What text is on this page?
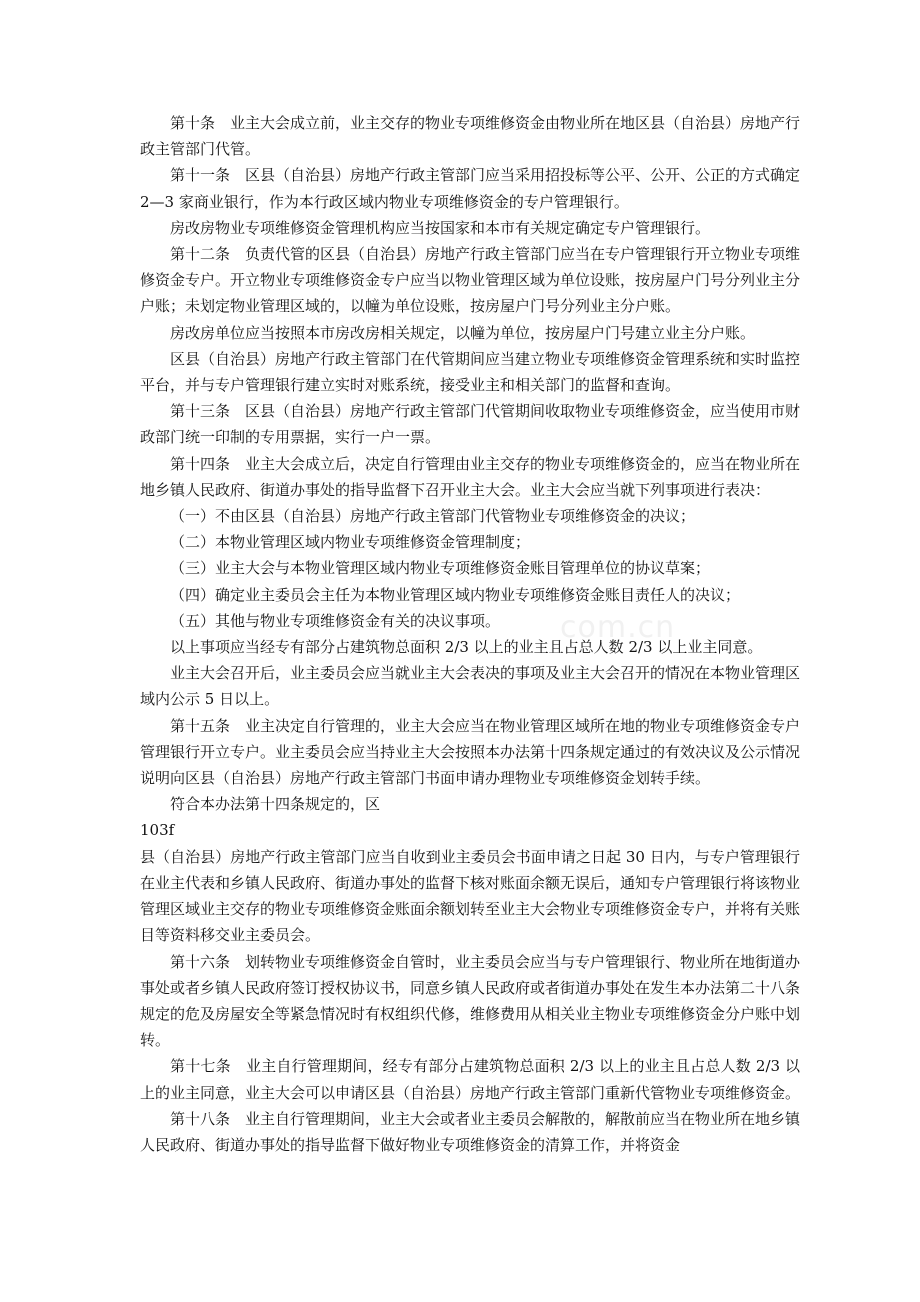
第十条　业主大会成立前，业主交存的物业专项维修资金由物业所在地区县（自治县）房地产行政主管部门代管。

第十一条　区县（自治县）房地产行政主管部门应当采用招投标等公平、公开、公正的方式确定 2—3 家商业银行，作为本行政区域内物业专项维修资金的专户管理银行。

房改房物业专项维修资金管理机构应当按国家和本市有关规定确定专户管理银行。

第十二条　负责代管的区县（自治县）房地产行政主管部门应当在专户管理银行开立物业专项维修资金专户。开立物业专项维修资金专户应当以物业管理区域为单位设账，按房屋户门号分列业主分户账；未划定物业管理区域的，以幢为单位设账，按房屋户门号分列业主分户账。

房改房单位应当按照本市房改房相关规定，以幢为单位，按房屋户门号建立业主分户账。

区县（自治县）房地产行政主管部门在代管期间应当建立物业专项维修资金管理系统和实时监控平台，并与专户管理银行建立实时对账系统，接受业主和相关部门的监督和查询。

第十三条　区县（自治县）房地产行政主管部门代管期间收取物业专项维修资金，应当使用市财政部门统一印制的专用票据，实行一户一票。

第十四条　业主大会成立后，决定自行管理由业主交存的物业专项维修资金的，应当在物业所在地乡镇人民政府、街道办事处的指导监督下召开业主大会。业主大会应当就下列事项进行表决：

（一）不由区县（自治县）房地产行政主管部门代管物业专项维修资金的决议；

（二）本物业管理区域内物业专项维修资金管理制度；

（三）业主大会与本物业管理区域内物业专项维修资金账目管理单位的协议草案；

（四）确定业主委员会主任为本物业管理区域内物业专项维修资金账目责任人的决议；

（五）其他与物业专项维修资金有关的决议事项。

以上事项应当经专有部分占建筑物总面积 2/3 以上的业主且占总人数 2/3 以上业主同意。

业主大会召开后，业主委员会应当就业主大会表决的事项及业主大会召开的情况在本物业管理区域内公示 5 日以上。

第十五条　业主决定自行管理的，业主大会应当在物业管理区域所在地的物业专项维修资金专户管理银行开立专户。业主委员会应当持业主大会按照本办法第十四条规定通过的有效决议及公示情况说明向区县（自治县）房地产行政主管部门书面申请办理物业专项维修资金划转手续。

符合本办法第十四条规定的，区

103f

县（自治县）房地产行政主管部门应当自收到业主委员会书面申请之日起 30 日内，与专户管理银行在业主代表和乡镇人民政府、街道办事处的监督下核对账面余额无误后，通知专户管理银行将该物业管理区域业主交存的物业专项维修资金账面余额划转至业主大会物业专项维修资金专户，并将有关账目等资料移交业主委员会。

第十六条　划转物业专项维修资金自管时，业主委员会应当与专户管理银行、物业所在地街道办事处或者乡镇人民政府签订授权协议书，同意乡镇人民政府或者街道办事处在发生本办法第二十八条规定的危及房屋安全等紧急情况时有权组织代修，维修费用从相关业主物业专项维修资金分户账中划转。

第十七条　业主自行管理期间，经专有部分占建筑物总面积 2/3 以上的业主且占总人数 2/3 以上的业主同意，业主大会可以申请区县（自治县）房地产行政主管部门重新代管物业专项维修资金。

第十八条　业主自行管理期间，业主大会或者业主委员会解散的，解散前应当在物业所在地乡镇人民政府、街道办事处的指导监督下做好物业专项维修资金的清算工作，并将资金

com.cn
